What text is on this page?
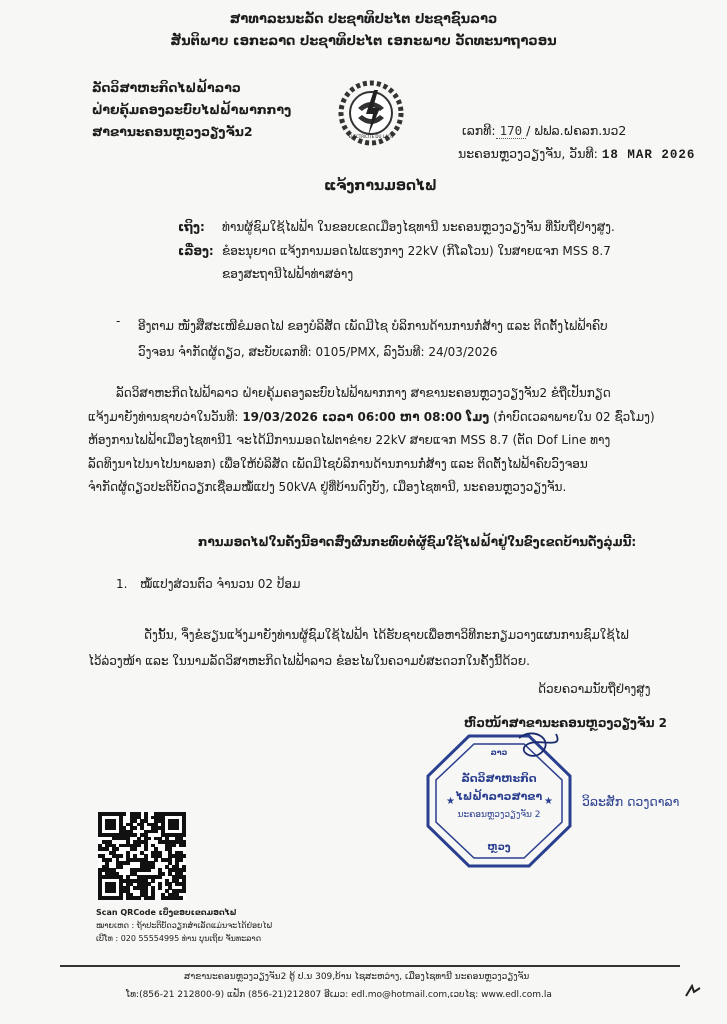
ສາທາລະນະລັດ ປະຊາທິປະໄຕ ປະຊາຊົນລາວ
ສັນຕິພາບ ເອກະລາດ ປະຊາທິປະໄຕ ເອກະພາບ ວັດທະນາຖາວອນ
ລັດວິສາຫະກິດໄຟຟ້າລາວ
ຝ່າຍຄຸ້ມຄອງລະບົບໄຟຟ້າພາກກາງ
ສາຂານະຄອນຫຼວງວຽງຈັນ2	ELECTRICITE DU LAOS	ເລກທີ: 170 / ຟຟລ.ຝຄລກ.ນວ2
ນະຄອນຫຼວງວຽງຈັນ, ວັນທີ: 18 MAR 2026
ແຈ້ງການມອດໄຟ
ເຖິງ: ທ່ານຜູ້ຊົມໃຊ້ໄຟຟ້າ ໃນຂອບເຂດເມືອງໄຊທານີ ນະຄອນຫຼວງວຽງຈັນ ທີ່ນັບຖືຢ່າງສູງ.
ເລື່ອງ: ຂໍອະນຸຍາດ ແຈ້ງການມອດໄຟແຮງກາງ 22kV (ກິໂລໂວນ) ໃນສາຍແຈກ MSS 8.7
ຂອງສະຖານີໄຟຟ້າທ່າສອ່າງ
- ອີງຕາມ ໜັງສືສະເໜີຂໍມອດໄຟ ຂອງບໍລິສັດ ເພັດມີໄຊ ບໍລິການດ້ານການກໍ່ສ້າງ ແລະ ຕິດຕັ້ງໄຟຟ້າຄົບ
ວົງຈອນ ຈຳກັດຜູ້ດຽວ, ສະບັບເລກທີ: 0105/PMX, ລົງວັນທີ: 24/03/2026
ລັດວິສາຫະກິດໄຟຟ້າລາວ ຝ່າຍຄຸ້ມຄອງລະບົບໄຟຟ້າພາກກາງ ສາຂານະຄອນຫຼວງວຽງຈັນ2 ຂໍຖືເປັນກຽດ
ແຈ້ງມາຍັງທ່ານຊາບວ່າໃນວັນທີ: 19/03/2026 ເວລາ 06:00 ຫາ 08:00 ໂມງ (ກໍາບົດເວລາພາຍໃນ 02 ຊົ່ວໂມງ)
ຫ້ອງການໄຟຟ້າເມືອງໄຊທານີ1 ຈະໄດ້ມີການມອດໄຟຕາຂ່າຍ 22kV ສາຍແຈກ MSS 8.7 (ຕັດ Dof Line ທາງ
ລັດທິງນາໄປນາໄປນາພອກ) ເພື່ອໃຫ້ບໍລິສັດ ເພັດມີໄຊບໍລິການດ້ານການກໍ່ສ້າງ ແລະ ຕິດຕັ້ງໄຟຟ້າຄົບວົງຈອນ
ຈຳກັດຜູ້ດຽວປະຕິບັດວຽກເຊື່ອມໝໍ້ແປງ 50kVA ຢູ່ທີ່ບ້ານດົງບັງ, ເມືອງໄຊທານີ, ນະຄອນຫຼວງວຽງຈັນ.
ການມອດໄຟໃນຄັ້ງນີ້ອາດສົ່ງຜົນກະທົບຕໍ່ຜູ້ຊົມໃຊ້ໄຟຟ້າຢູ່ໃນຂົງເຂດບ້ານດັ່ງລຸ່ມນີ້:
1. ໝໍ້ແປງສ່ວນຕົວ ຈຳນວນ 02 ປ້ອມ
ດັ່ງນັ້ນ, ຈຶ່ງຂໍຮຽນແຈ້ງມາຍັງທ່ານຜູ້ຊົມໃຊ້ໄຟຟ້າ ໄດ້ຮັບຊາບເພື່ອຫາວິທີກະກຽມວາງແຜນການຊົມໃຊ້ໄຟ
ໄວ້ລ່ວງໜ້າ ແລະ ໃນນາມລັດວິສາຫະກິດໄຟຟ້າລາວ ຂໍອະໄພໃນຄວາມບໍ່ສະດວກໃນຄັ້ງນີ້ດ້ວຍ.
ດ້ວຍຄວາມນັບຖືຢ່າງສູງ
ຫົວໜ້າສາຂານະຄອນຫຼວງວຽງຈັນ 2
★	★
ລາວ
ລັດວິສາຫະກິດ
ໄຟຟ້າລາວສາຂາ
ນະຄອນຫຼວງວຽງຈັນ 2
ຫຼວງ
ວິລະສັກ ດວງດາລາ
Scan QRCode ເບິ່ງຂອບເຂດມອດໄຟ
ໝາຍເຫດ : ຖ້າປະຕິບັດວຽກສຳເລັດແມ່ນຈະໄດ້ຢ່ອຍໄຟ
ເບີໂທ : 020 55554995 ທ່ານ ບຸນເຖິຍ ຈັນທະລາດ
ສາຂານະຄອນຫຼວງວຽງຈັນ2 ຕູ້ ປ.ນ 309,ບ້ານ ໄຊສະຫວ່າງ, ເມືອງໄຊທານີ ນະຄອນຫຼວງວຽງຈັນ
ໂທ:(856-21 212800-9) ແຟັກ (856-21)212807 ອີເມວ: edl.mo@hotmail.com,ເວບໄຊ: www.edl.com.la
